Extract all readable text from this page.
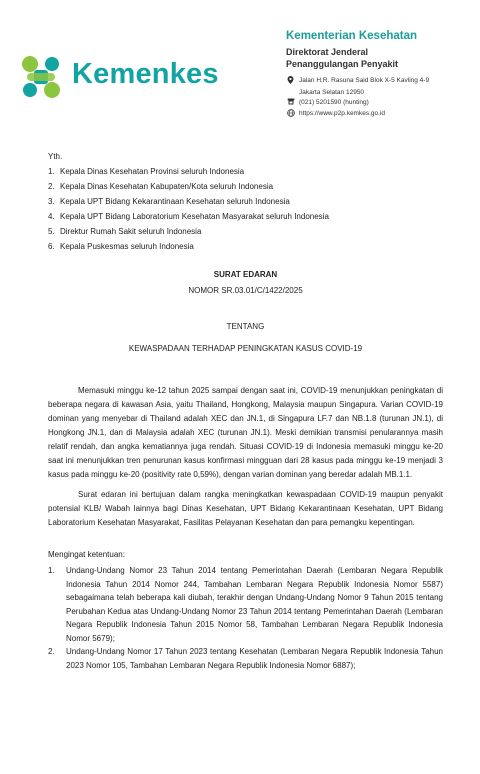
Kemenkes
Kementerian Kesehatan
Direktorat Jenderal
Penanggulangan Penyakit
Jalan H.R. Rasuna Said Blok X-5 Kavling 4-9
Jakarta Selatan 12950
(021) 5201590 (hunting)
https://www.p2p.kemkes.go.id

Yth.

1. Kepala Dinas Kesehatan Provinsi seluruh Indonesia
2. Kepala Dinas Kesehatan Kabupaten/Kota seluruh Indonesia
3. Kepala UPT Bidang Kekarantinaan Kesehatan seluruh Indonesia
4. Kepala UPT Bidang Laboratorium Kesehatan Masyarakat seluruh Indonesia
5. Direktur Rumah Sakit seluruh Indonesia
6. Kepala Puskesmas seluruh Indonesia
SURAT EDARAN
NOMOR SR.03.01/C/1422/2025
TENTANG
KEWASPADAAN TERHADAP PENINGKATAN KASUS COVID-19

Memasuki minggu ke-12 tahun 2025 sampai dengan saat ini, COVID-19 menunjukkan peningkatan di beberapa negara di kawasan Asia, yaitu Thailand, Hongkong, Malaysia maupun Singapura. Varian COVID-19 dominan yang menyebar di Thailand adalah XEC dan JN.1, di Singapura LF.7 dan NB.1.8 (turunan JN.1), di Hongkong JN.1, dan di Malaysia adalah XEC (turunan JN.1). Meski demikian transmisi penularannya masih relatif rendah, dan angka kematiannya juga rendah. Situasi COVID-19 di Indonesia memasuki minggu ke-20 saat ini menunjukkan tren penurunan kasus konfirmasi mingguan dari 28 kasus pada minggu ke-19 menjadi 3 kasus pada minggu ke-20 (positivity rate 0,59%), dengan varian dominan yang beredar adalah MB.1.1.

Surat edaran ini bertujuan dalam rangka meningkatkan kewaspadaan COVID-19 maupun penyakit potensial KLB/ Wabah lainnya bagi Dinas Kesehatan, UPT Bidang Kekarantinaan Kesehatan, UPT Bidang Laboratorium Kesehatan Masyarakat, Fasilitas Pelayanan Kesehatan dan para pemangku kepentingan.

Mengingat ketentuan:
1.	Undang-Undang Nomor 23 Tahun 2014 tentang Pemerintahan Daerah (Lembaran Negara Republik Indonesia Tahun 2014 Nomor 244, Tambahan Lembaran Negara Republik Indonesia Nomor 5587) sebagaimana telah beberapa kali diubah, terakhir dengan Undang-Undang Nomor 9 Tahun 2015 tentang Perubahan Kedua atas Undang-Undang Nomor 23 Tahun 2014 tentang Pemerintahan Daerah (Lembaran Negara Republik Indonesia Tahun 2015 Nomor 58, Tambahan Lembaran Negara Republik Indonesia Nomor 5679);
2.	Undang-Undang Nomor 17 Tahun 2023 tentang Kesehatan (Lembaran Negara Republik Indonesia Tahun 2023 Nomor 105, Tambahan Lembaran Negara Republik Indonesia Nomor 6887);
